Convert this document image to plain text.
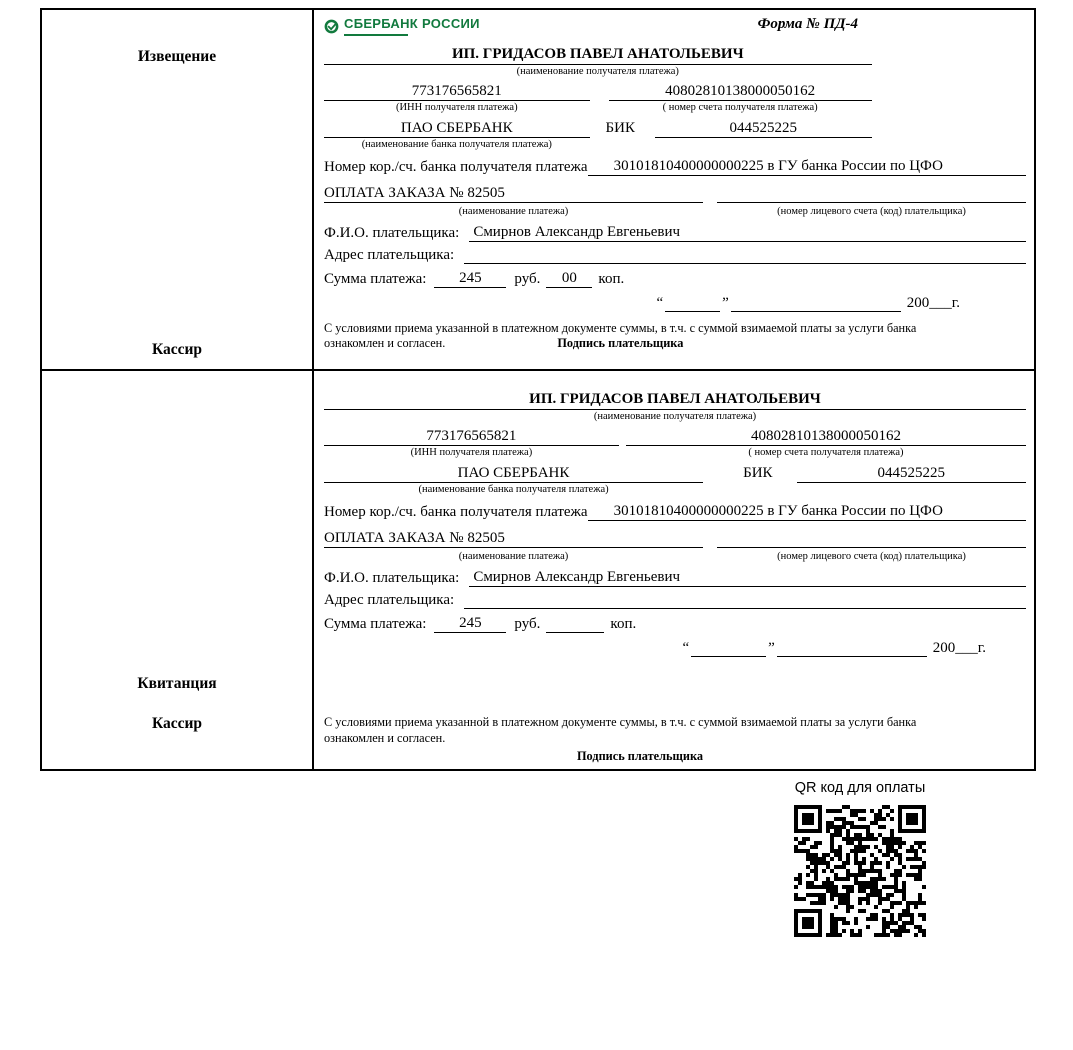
Извещение
Кассир
СБЕРБАНК РОССИИ	Форма № ПД-4
ИП. ГРИДАСОВ ПАВЕЛ АНАТОЛЬЕВИЧ
(наименование получателя платежа)
773176565821
(ИНН получателя платежа)
40802810138000050162
( номер счета получателя платежа)
ПАО СБЕРБАНК
(наименование банка получателя платежа)
БИК	044525225
Номер кор./сч. банка получателя платежа	30101810400000000225 в ГУ банка России по ЦФО
ОПЛАТА ЗАКАЗА № 82505
(наименование платежа)	(номер лицевого счета (код) плательщика)
Ф.И.О. плательщика: Смирнов Александр Евгеньевич
Адрес плательщика:
Сумма платежа:	245	руб.	00	коп.
“	”	200___г.
С условиями приема указанной в платежном документе суммы, в т.ч. с суммой взимаемой платы за услуги банка
ознакомлен и согласен.	Подпись плательщика
Квитанция
Кассир
ИП. ГРИДАСОВ ПАВЕЛ АНАТОЛЬЕВИЧ
(наименование получателя платежа)
773176565821
(ИНН получателя платежа)
40802810138000050162
( номер счета получателя платежа)
ПАО СБЕРБАНК
(наименование банка получателя платежа)
БИК	044525225
Номер кор./сч. банка получателя платежа	30101810400000000225 в ГУ банка России по ЦФО
ОПЛАТА ЗАКАЗА № 82505
(наименование платежа)	(номер лицевого счета (код) плательщика)
Ф.И.О. плательщика: Смирнов Александр Евгеньевич
Адрес плательщика:
Сумма платежа:	245	руб.	коп.
“	”	200___г.
С условиями приема указанной в платежном документе суммы, в т.ч. с суммой взимаемой платы за услуги банка
ознакомлен и согласен.
Подпись плательщика
QR код для оплаты
